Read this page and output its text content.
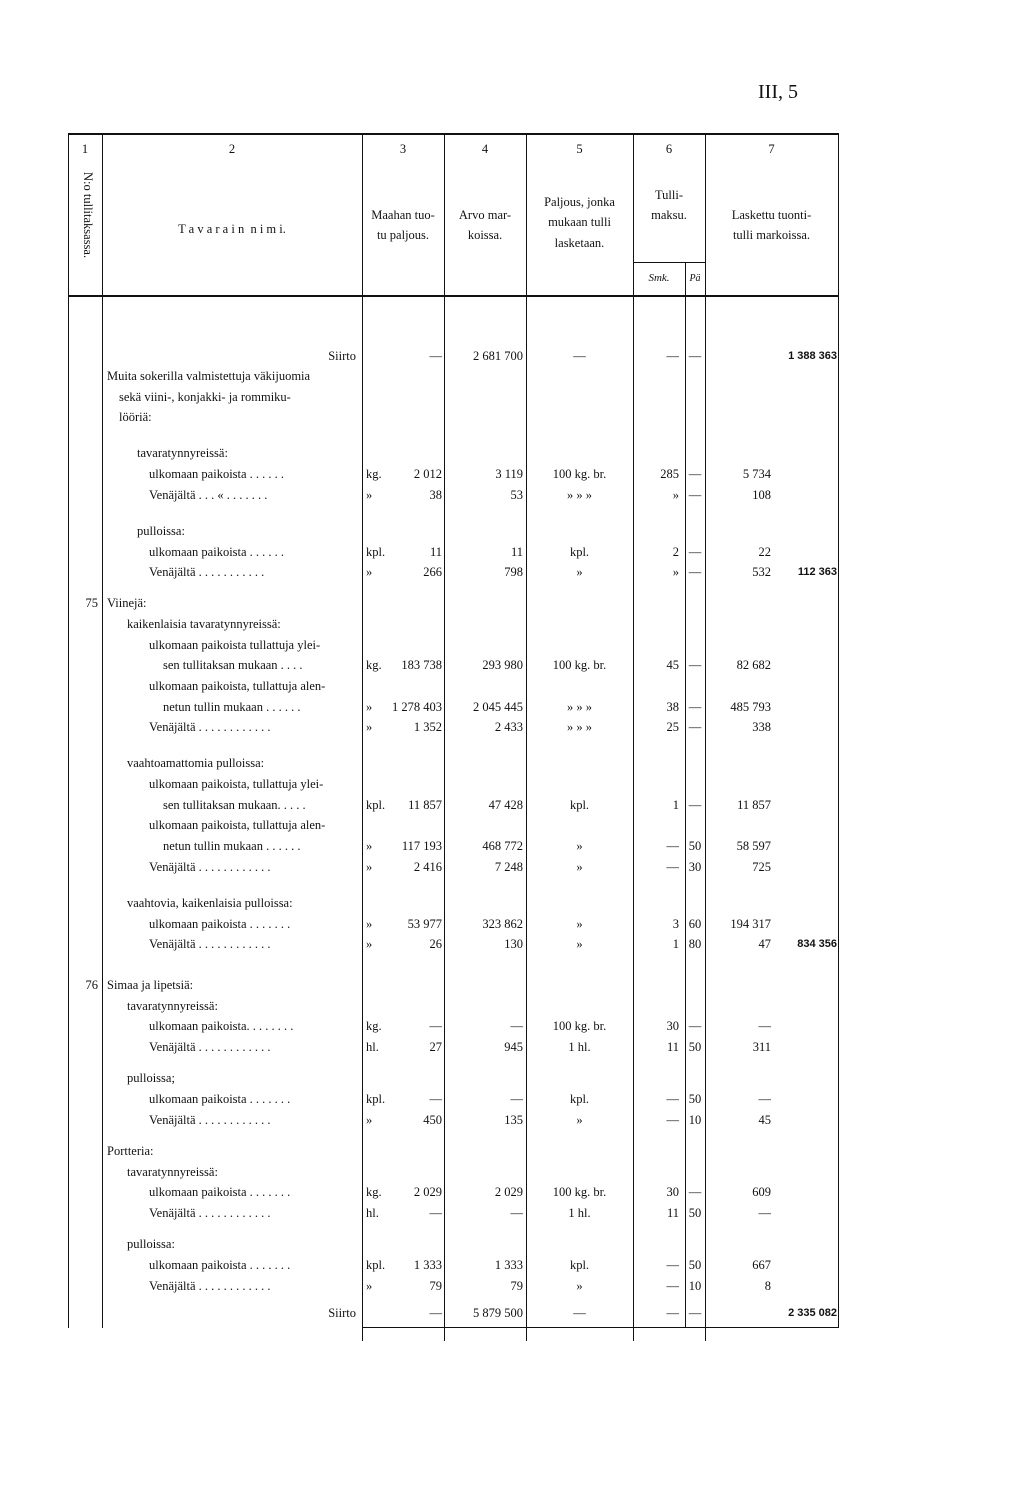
III, 5
1	2	3	4	5	6	7
N:o tullitaksassa.	T a v a r a i n  n i m i.
Maahan tuo-
tu paljous.
Arvo mar-
koissa.
Paljous, jonka
mukaan tulli
lasketaan.
Tulli-
maksu.
Smk.	Pä
Laskettu tuonti-
tulli markoissa.
Siirto	—	2 681 700	—	— —	1 388 363
Muita sokerilla valmistettuja väkijuomia
sekä viini-, konjakki- ja rommiku-
lööriä:
tavaratynnyreissä:
ulkomaan paikoista . . . . . .	kg.	2 012	3 119	100 kg. br.	285 —	5 734
Venäjältä . . . « . . . . . . .	»	38	53	» » »	» —	108
pulloissa:
ulkomaan paikoista . . . . . .	kpl.	11	11	kpl.	2 —	22
Venäjältä . . . . . . . . . . .	»	266	798	»	» —	532	112 363
75 Viinejä:
kaikenlaisia tavaratynnyreissä:
ulkomaan paikoista tullattuja ylei-
sen tullitaksan mukaan . . . .	kg.	183 738	293 980	100 kg. br.	45 —	82 682
ulkomaan paikoista, tullattuja alen-
netun tullin mukaan . . . . . .	»	1 278 403	2 045 445	» » »	38 —	485 793
Venäjältä . . . . . . . . . . . .	»	1 352	2 433	» » »	25 —	338
vaahtoamattomia pulloissa:
ulkomaan paikoista, tullattuja ylei-
sen tullitaksan mukaan. . . . .	kpl.	11 857	47 428	kpl.	1 —	11 857
ulkomaan paikoista, tullattuja alen-
netun tullin mukaan . . . . . .	»	117 193	468 772	»	— 50	58 597
Venäjältä . . . . . . . . . . . .	»	2 416	7 248	»	— 30	725
vaahtovia, kaikenlaisia pulloissa:
ulkomaan paikoista . . . . . . .	»	53 977	323 862	»	3 60	194 317
Venäjältä . . . . . . . . . . . .	»	26	130	»	1 80	47	834 356
76 Simaa ja lipetsiä:
tavaratynnyreissä:
ulkomaan paikoista. . . . . . . .	kg.	—	—	100 kg. br.	30 —	—
Venäjältä . . . . . . . . . . . .	hl.	27	945	1 hl.	11 50	311
pulloissa;
ulkomaan paikoista . . . . . . .	kpl.	—	—	kpl.	— 50	—
Venäjältä . . . . . . . . . . . .	»	450	135	»	— 10	45
Portteria:
tavaratynnyreissä:
ulkomaan paikoista . . . . . . .	kg.	2 029	2 029	100 kg. br.	30 —	609
Venäjältä . . . . . . . . . . . .	hl.	—	—	1 hl.	11 50	—
pulloissa:
ulkomaan paikoista . . . . . . .	kpl.	1 333	1 333	kpl.	— 50	667
Venäjältä . . . . . . . . . . . .	»	79	79	»	— 10	8
Siirto	—	5 879 500	—	— —	2 335 082
